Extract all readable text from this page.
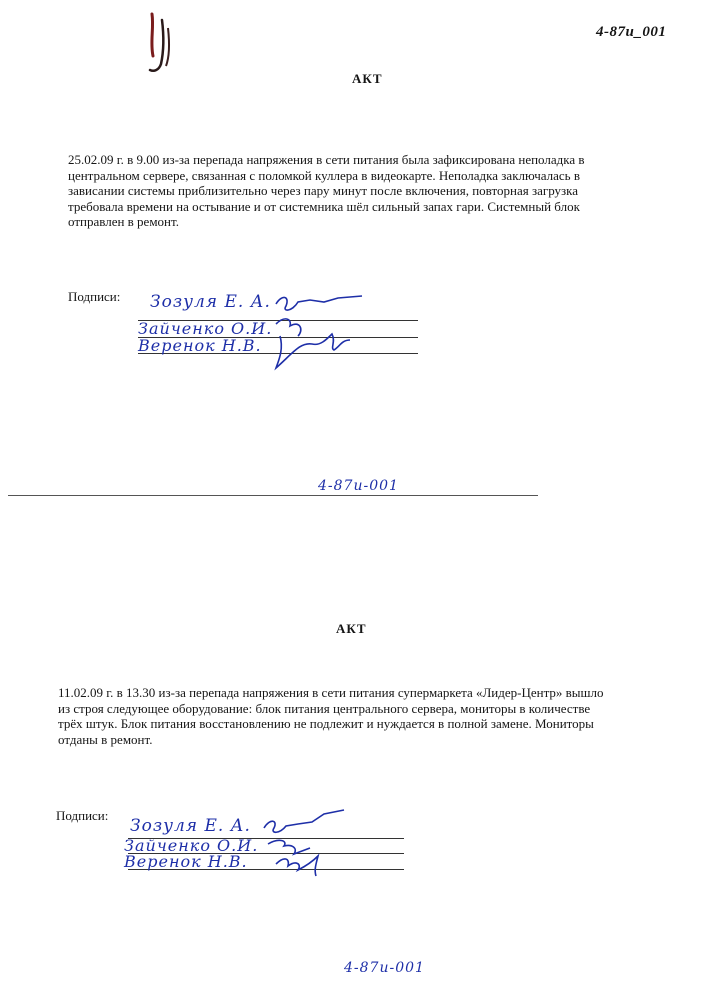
4-87и_001
АКТ
25.02.09 г. в 9.00 из-за перепада напряжения в сети питания была зафиксирована неполадка в
центральном сервере, связанная с поломкой куллера в видеокарте. Неполадка заключалась в
зависании системы приблизительно через пару минут после включения, повторная загрузка
требовала времени на остывание и от системника шёл сильный запах гари. Системный блок
отправлен в ремонт.
Подписи: Зозуля Е. А.
Зайченко О.И.
Веренок Н.В.
4-87и-001
АКТ
11.02.09 г. в 13.30 из-за перепада напряжения в сети питания супермаркета «Лидер-Центр» вышло
из строя следующее оборудование: блок питания центрального сервера, мониторы в количестве
трёх штук. Блок питания восстановлению не подлежит и нуждается в полной замене. Мониторы
отданы в ремонт.
Подписи:
Зозуля Е. А.
Зайченко О.И.
Веренок Н.В.
4-87и-001
